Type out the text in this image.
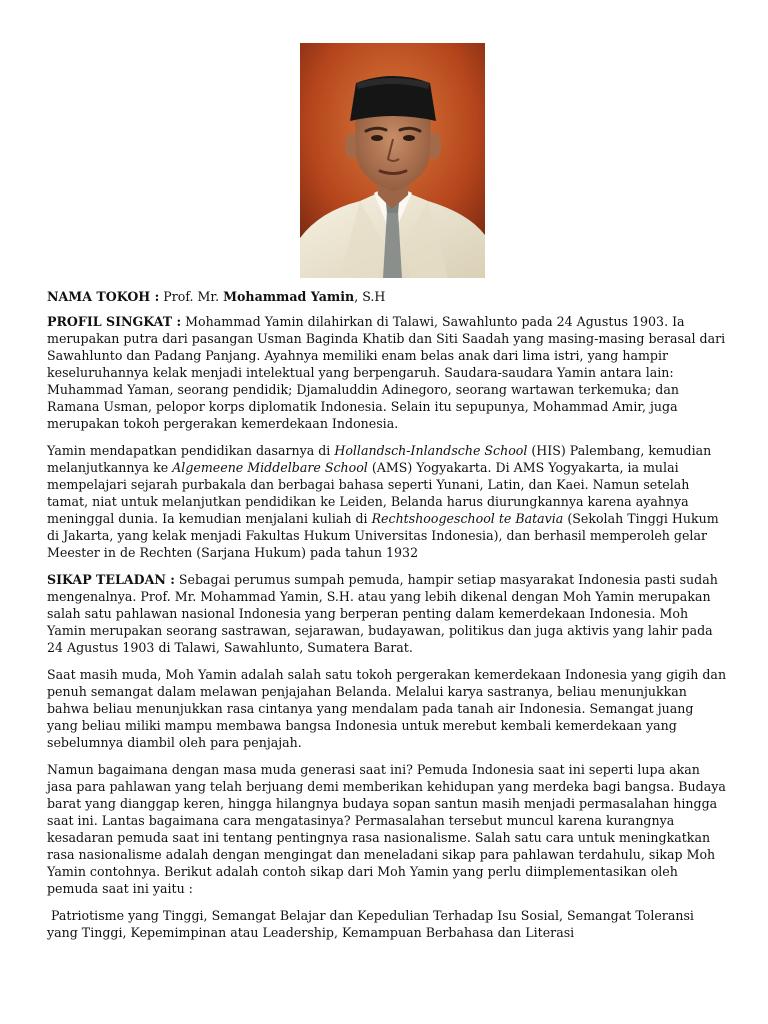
NAMA TOKOH : Prof. Mr. Mohammad Yamin, S.H

PROFIL SINGKAT : Mohammad Yamin dilahirkan di Talawi, Sawahlunto pada 24 Agustus 1903. Ia merupakan putra dari pasangan Usman Baginda Khatib dan Siti Saadah yang masing-masing berasal dari Sawahlunto dan Padang Panjang. Ayahnya memiliki enam belas anak dari lima istri, yang hampir keseluruhannya kelak menjadi intelektual yang berpengaruh. Saudara-saudara Yamin antara lain: Muhammad Yaman, seorang pendidik; Djamaluddin Adinegoro, seorang wartawan terkemuka; dan Ramana Usman, pelopor korps diplomatik Indonesia. Selain itu sepupunya, Mohammad Amir, juga merupakan tokoh pergerakan kemerdekaan Indonesia.

Yamin mendapatkan pendidikan dasarnya di Hollandsch-Inlandsche School (HIS) Palembang, kemudian melanjutkannya ke Algemeene Middelbare School (AMS) Yogyakarta. Di AMS Yogyakarta, ia mulai mempelajari sejarah purbakala dan berbagai bahasa seperti Yunani, Latin, dan Kaei. Namun setelah tamat, niat untuk melanjutkan pendidikan ke Leiden, Belanda harus diurungkannya karena ayahnya meninggal dunia. Ia kemudian menjalani kuliah di Rechtshoogeschool te Batavia (Sekolah Tinggi Hukum di Jakarta, yang kelak menjadi Fakultas Hukum Universitas Indonesia), dan berhasil memperoleh gelar Meester in de Rechten (Sarjana Hukum) pada tahun 1932

SIKAP TELADAN : Sebagai perumus sumpah pemuda, hampir setiap masyarakat Indonesia pasti sudah mengenalnya. Prof. Mr. Mohammad Yamin, S.H. atau yang lebih dikenal dengan Moh Yamin merupakan salah satu pahlawan nasional Indonesia yang berperan penting dalam kemerdekaan Indonesia. Moh Yamin merupakan seorang sastrawan, sejarawan, budayawan, politikus dan juga aktivis yang lahir pada 24 Agustus 1903 di Talawi, Sawahlunto, Sumatera Barat.

Saat masih muda, Moh Yamin adalah salah satu tokoh pergerakan kemerdekaan Indonesia yang gigih dan penuh semangat dalam melawan penjajahan Belanda. Melalui karya sastranya, beliau menunjukkan bahwa beliau menunjukkan rasa cintanya yang mendalam pada tanah air Indonesia. Semangat juang yang beliau miliki mampu membawa bangsa Indonesia untuk merebut kembali kemerdekaan yang sebelumnya diambil oleh para penjajah.

Namun bagaimana dengan masa muda generasi saat ini? Pemuda Indonesia saat ini seperti lupa akan jasa para pahlawan yang telah berjuang demi memberikan kehidupan yang merdeka bagi bangsa. Budaya barat yang dianggap keren, hingga hilangnya budaya sopan santun masih menjadi permasalahan hingga saat ini. Lantas bagaimana cara mengatasinya? Permasalahan tersebut muncul karena kurangnya kesadaran pemuda saat ini tentang pentingnya rasa nasionalisme. Salah satu cara untuk meningkatkan rasa nasionalisme adalah dengan mengingat dan meneladani sikap para pahlawan terdahulu, sikap Moh Yamin contohnya. Berikut adalah contoh sikap dari Moh Yamin yang perlu diimplementasikan oleh pemuda saat ini yaitu :

Patriotisme yang Tinggi, Semangat Belajar dan Kepedulian Terhadap Isu Sosial, Semangat Toleransi yang Tinggi, Kepemimpinan atau Leadership, Kemampuan Berbahasa dan Literasi
